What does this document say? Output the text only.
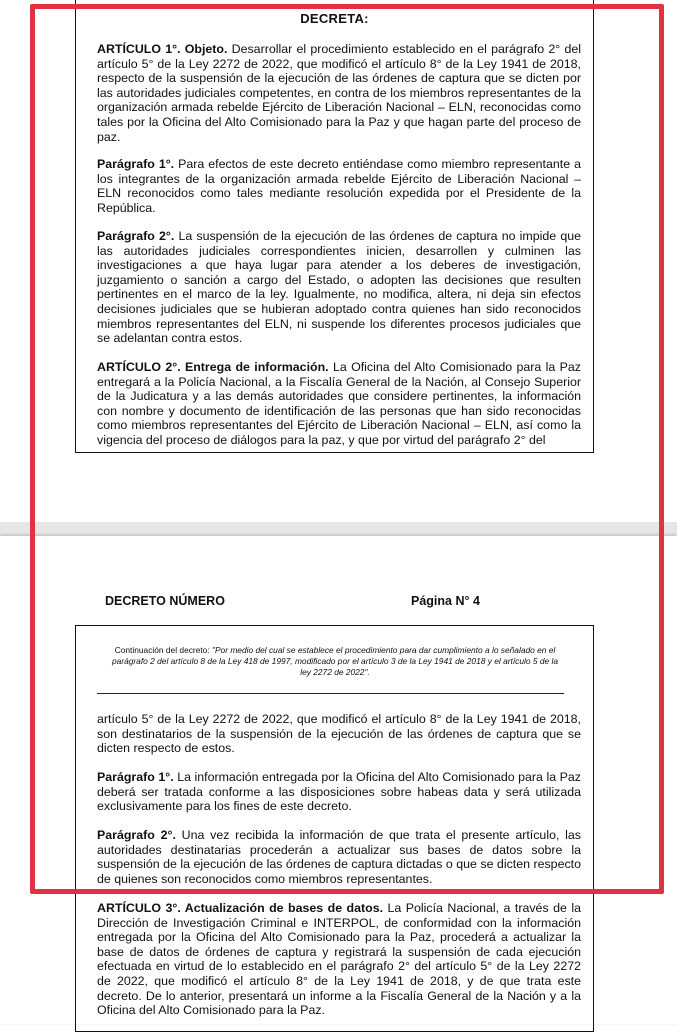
DECRETA:
ARTÍCULO 1°. Objeto. Desarrollar el procedimiento establecido en el parágrafo 2° del artículo 5° de la Ley 2272 de 2022, que modificó el artículo 8° de la Ley 1941 de 2018, respecto de la suspensión de la ejecución de las órdenes de captura que se dicten por las autoridades judiciales competentes, en contra de los miembros representantes de la organización armada rebelde Ejército de Liberación Nacional – ELN, reconocidas como tales por la Oficina del Alto Comisionado para la Paz y que hagan parte del proceso de paz.
Parágrafo 1°. Para efectos de este decreto entiéndase como miembro representante a los integrantes de la organización armada rebelde Ejército de Liberación Nacional – ELN reconocidos como tales mediante resolución expedida por el Presidente de la República.
Parágrafo 2°. La suspensión de la ejecución de las órdenes de captura no impide que las autoridades judiciales correspondientes inicien, desarrollen y culminen las investigaciones a que haya lugar para atender a los deberes de investigación, juzgamiento o sanción a cargo del Estado, o adopten las decisiones que resulten pertinentes en el marco de la ley. Igualmente, no modifica, altera, ni deja sin efectos decisiones judiciales que se hubieran adoptado contra quienes han sido reconocidos miembros representantes del ELN, ni suspende los diferentes procesos judiciales que se adelantan contra estos.
ARTÍCULO 2°. Entrega de información. La Oficina del Alto Comisionado para la Paz entregará a la Policía Nacional, a la Fiscalía General de la Nación, al Consejo Superior de la Judicatura y a las demás autoridades que considere pertinentes, la información con nombre y documento de identificación de las personas que han sido reconocidas como miembros representantes del Ejército de Liberación Nacional – ELN, así como la vigencia del proceso de diálogos para la paz, y que por virtud del parágrafo 2° del
DECRETO NÚMERO	Página N° 4
Continuación del decreto: "Por medio del cual se establece el procedimiento para dar cumplimiento a lo señalado en el parágrafo 2 del artículo 8 de la Ley 418 de 1997, modificado por el artículo 3 de la Ley 1941 de 2018 y el artículo 5 de la ley 2272 de 2022".
artículo 5° de la Ley 2272 de 2022, que modificó el artículo 8° de la Ley 1941 de 2018, son destinatarios de la suspensión de la ejecución de las órdenes de captura que se dicten respecto de estos.
Parágrafo 1°. La información entregada por la Oficina del Alto Comisionado para la Paz deberá ser tratada conforme a las disposiciones sobre habeas data y será utilizada exclusivamente para los fines de este decreto.
Parágrafo 2°. Una vez recibida la información de que trata el presente artículo, las autoridades destinatarias procederán a actualizar sus bases de datos sobre la suspensión de la ejecución de las órdenes de captura dictadas o que se dicten respecto de quienes son reconocidos como miembros representantes.
ARTÍCULO 3°. Actualización de bases de datos. La Policía Nacional, a través de la Dirección de Investigación Criminal e INTERPOL, de conformidad con la información entregada por la Oficina del Alto Comisionado para la Paz, procederá a actualizar la base de datos de órdenes de captura y registrará la suspensión de cada ejecución efectuada en virtud de lo establecido en el parágrafo 2° del artículo 5° de la Ley 2272 de 2022, que modificó el artículo 8° de la Ley 1941 de 2018, y de que trata este decreto. De lo anterior, presentará un informe a la Fiscalía General de la Nación y a la Oficina del Alto Comisionado para la Paz.
